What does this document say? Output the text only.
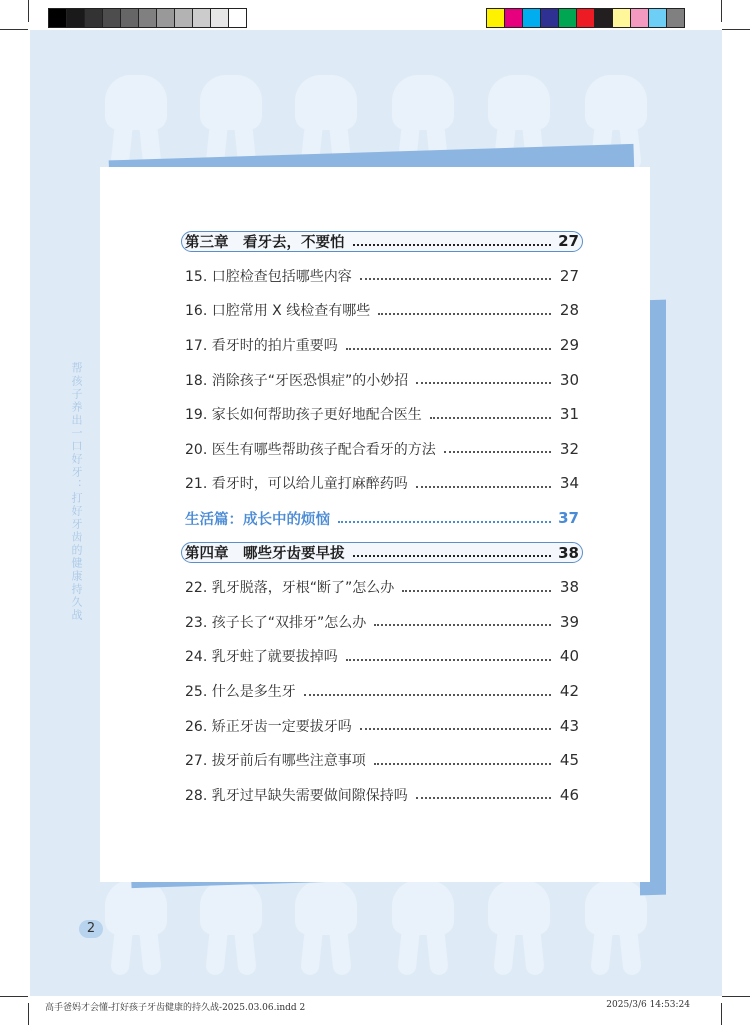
帮孩子养出一口好牙：打好牙齿的健康持久战
第三章　看牙去，不要怕	27
15. 口腔检查包括哪些内容	27
16. 口腔常用 X 线检查有哪些	28
17. 看牙时的拍片重要吗	29
18. 消除孩子“牙医恐惧症”的小妙招	30
19. 家长如何帮助孩子更好地配合医生	31
20. 医生有哪些帮助孩子配合看牙的方法	32
21. 看牙时，可以给儿童打麻醉药吗	34
生活篇：成长中的烦恼	37
第四章　哪些牙齿要早拔	38
22. 乳牙脱落，牙根“断了”怎么办	38
23. 孩子长了“双排牙”怎么办	39
24. 乳牙蛀了就要拔掉吗	40
25. 什么是多生牙	42
26. 矫正牙齿一定要拔牙吗	43
27. 拔牙前后有哪些注意事项	45
28. 乳牙过早缺失需要做间隙保持吗	46
2
高手爸妈才会懂-打好孩子牙齿健康的持久战-2025.03.06.indd 2	2025/3/6 14:53:24
